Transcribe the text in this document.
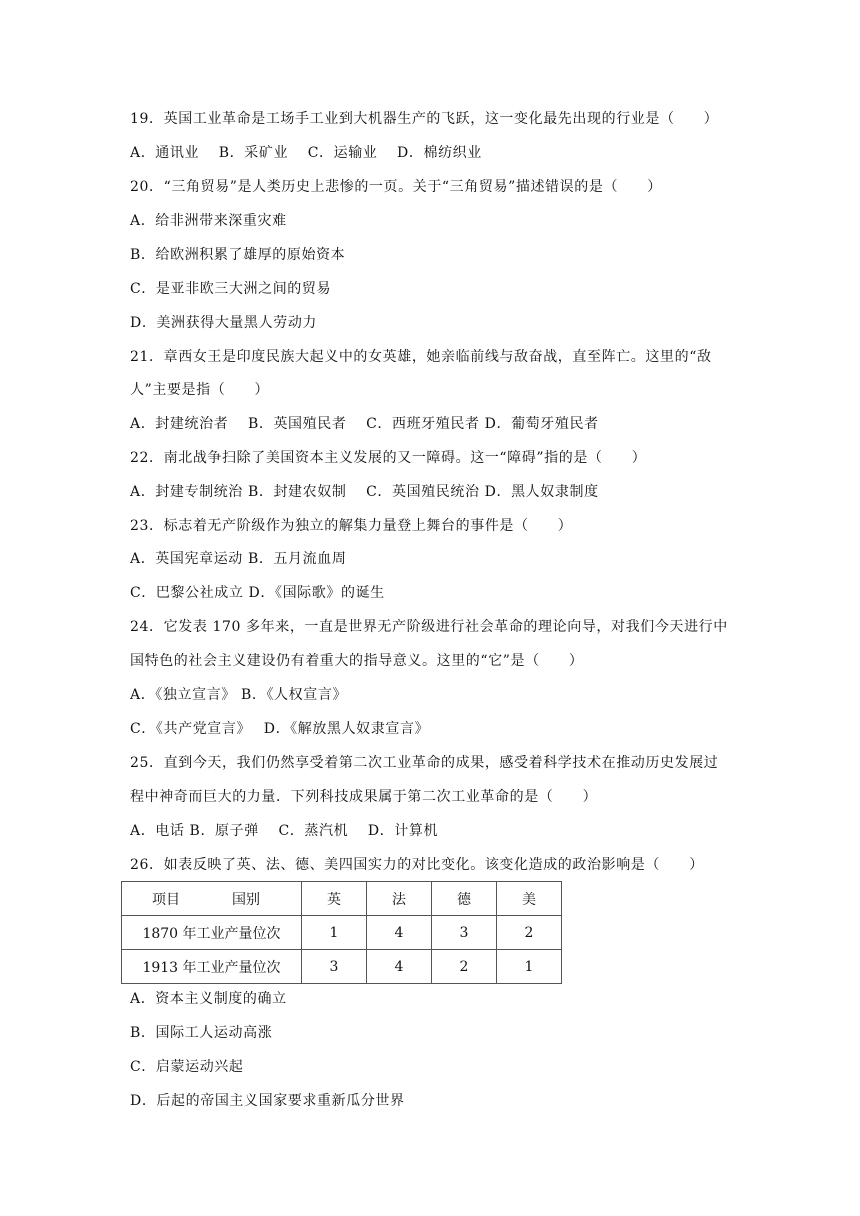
19．英国工业革命是工场手工业到大机器生产的飞跃，这一变化最先出现的行业是（　　）
A．通讯业　 B．采矿业　 C．运输业　 D．棉纺织业
20．“三角贸易”是人类历史上悲惨的一页。关于“三角贸易”描述错误的是（　　）
A．给非洲带来深重灾难
B．给欧洲积累了雄厚的原始资本
C．是亚非欧三大洲之间的贸易
D．美洲获得大量黑人劳动力
21．章西女王是印度民族大起义中的女英雄，她亲临前线与敌奋战，直至阵亡。这里的“敌
人”主要是指（　　）
A．封建统治者　 B．英国殖民者　 C．西班牙殖民者 D．葡萄牙殖民者
22．南北战争扫除了美国资本主义发展的又一障碍。这一“障碍”指的是（　　）
A．封建专制统治 B．封建农奴制　 C．英国殖民统治 D．黑人奴隶制度
23．标志着无产阶级作为独立的解集力量登上舞台的事件是（　　）
A．英国宪章运动 B．五月流血周
C．巴黎公社成立 D．《国际歌》的诞生
24．它发表 170 多年来，一直是世界无产阶级进行社会革命的理论向导，对我们今天进行中
国特色的社会主义建设仍有着重大的指导意义。这里的“它”是（　　）
A．《独立宣言》 B．《人权宣言》
C．《共产党宣言》　 D．《解放黑人奴隶宣言》
25．直到今天，我们仍然享受着第二次工业革命的成果，感受着科学技术在推动历史发展过
程中神奇而巨大的力量．下列科技成果属于第二次工业革命的是（　　）
A．电话 B．原子弹　 C．蒸汽机　 D．计算机
26．如表反映了英、法、德、美四国实力的对比变化。该变化造成的政治影响是（　　）
项目 国别	英	法	德	美
1870 年工业产量位次	1	4	3	2
1913 年工业产量位次	3	4	2	1
A．资本主义制度的确立
B．国际工人运动高涨
C．启蒙运动兴起
D．后起的帝国主义国家要求重新瓜分世界
